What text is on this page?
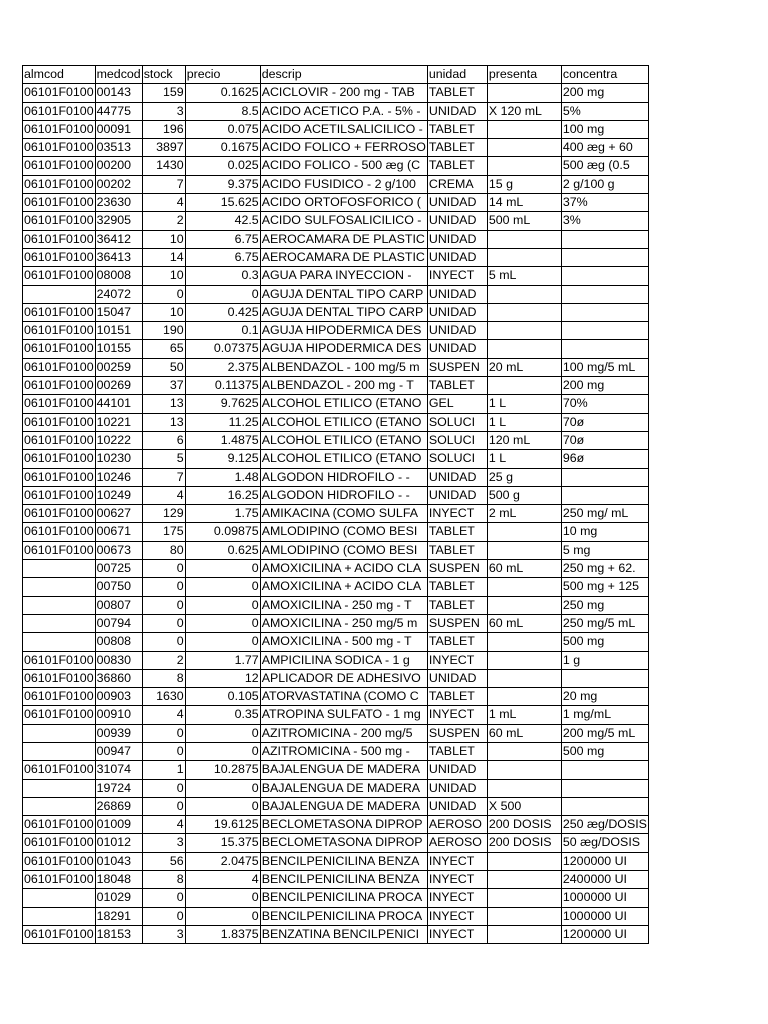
almcod	medcod	stock	precio	descrip	unidad	presenta	concentra
06101F0100	00143	159	0.1625	ACICLOVIR - 200 mg - TAB	TABLET		200 mg
06101F0100	44775	3	8.5	ACIDO ACETICO P.A. - 5% -	UNIDAD	X 120 mL	5%
06101F0100	00091	196	0.075	ACIDO ACETILSALICILICO -	TABLET		100 mg
06101F0100	03513	3897	0.1675	ACIDO FOLICO + FERROSO	TABLET		400 æg + 60
06101F0100	00200	1430	0.025	ACIDO FOLICO - 500 æg (C	TABLET		500 æg (0.5
06101F0100	00202	7	9.375	ACIDO FUSIDICO - 2 g/100	CREMA	15 g	2 g/100 g
06101F0100	23630	4	15.625	ACIDO ORTOFOSFORICO (	UNIDAD	14 mL	37%
06101F0100	32905	2	42.5	ACIDO SULFOSALICILICO -	UNIDAD	500 mL	3%
06101F0100	36412	10	6.75	AEROCAMARA DE PLASTIC	UNIDAD		
06101F0100	36413	14	6.75	AEROCAMARA DE PLASTIC	UNIDAD		
06101F0100	08008	10	0.3	AGUA PARA INYECCION -	INYECT	5 mL	
	24072	0	0	AGUJA DENTAL TIPO CARP	UNIDAD		
06101F0100	15047	10	0.425	AGUJA DENTAL TIPO CARP	UNIDAD		
06101F0100	10151	190	0.1	AGUJA HIPODERMICA DES	UNIDAD		
06101F0100	10155	65	0.07375	AGUJA HIPODERMICA DES	UNIDAD		
06101F0100	00259	50	2.375	ALBENDAZOL - 100 mg/5 m	SUSPEN	20 mL	100 mg/5 mL
06101F0100	00269	37	0.11375	ALBENDAZOL - 200 mg - T	TABLET		200 mg
06101F0100	44101	13	9.7625	ALCOHOL ETILICO (ETANO	GEL	1 L	70%
06101F0100	10221	13	11.25	ALCOHOL ETILICO (ETANO	SOLUCI	1 L	70ø
06101F0100	10222	6	1.4875	ALCOHOL ETILICO (ETANO	SOLUCI	120 mL	70ø
06101F0100	10230	5	9.125	ALCOHOL ETILICO (ETANO	SOLUCI	1 L	96ø
06101F0100	10246	7	1.48	ALGODON HIDROFILO - -	UNIDAD	25 g	
06101F0100	10249	4	16.25	ALGODON HIDROFILO - -	UNIDAD	500 g	
06101F0100	00627	129	1.75	AMIKACINA (COMO SULFA	INYECT	2 mL	250 mg/ mL
06101F0100	00671	175	0.09875	AMLODIPINO (COMO BESI	TABLET		10 mg
06101F0100	00673	80	0.625	AMLODIPINO (COMO BESI	TABLET		5 mg
	00725	0	0	AMOXICILINA + ACIDO CLA	SUSPEN	60 mL	250 mg + 62.
	00750	0	0	AMOXICILINA + ACIDO CLA	TABLET		500 mg + 125
	00807	0	0	AMOXICILINA - 250 mg - T	TABLET		250 mg
	00794	0	0	AMOXICILINA - 250 mg/5 m	SUSPEN	60 mL	250 mg/5 mL
	00808	0	0	AMOXICILINA - 500 mg - T	TABLET		500 mg
06101F0100	00830	2	1.77	AMPICILINA SODICA - 1 g	INYECT		1 g
06101F0100	36860	8	12	APLICADOR DE ADHESIVO	UNIDAD		
06101F0100	00903	1630	0.105	ATORVASTATINA (COMO C	TABLET		20 mg
06101F0100	00910	4	0.35	ATROPINA SULFATO - 1 mg	INYECT	1 mL	1 mg/mL
	00939	0	0	AZITROMICINA - 200 mg/5	SUSPEN	60 mL	200 mg/5 mL
	00947	0	0	AZITROMICINA - 500 mg -	TABLET		500 mg
06101F0100	31074	1	10.2875	BAJALENGUA DE MADERA	UNIDAD		
	19724	0	0	BAJALENGUA DE MADERA	UNIDAD		
	26869	0	0	BAJALENGUA DE MADERA	UNIDAD	X 500	
06101F0100	01009	4	19.6125	BECLOMETASONA DIPROP	AEROSO	200 DOSIS	250 æg/DOSIS
06101F0100	01012	3	15.375	BECLOMETASONA DIPROP	AEROSO	200 DOSIS	50 æg/DOSIS
06101F0100	01043	56	2.0475	BENCILPENICILINA BENZA	INYECT		1200000 UI
06101F0100	18048	8	4	BENCILPENICILINA BENZA	INYECT		2400000 UI
	01029	0	0	BENCILPENICILINA PROCA	INYECT		1000000 UI
	18291	0	0	BENCILPENICILINA PROCA	INYECT		1000000 UI
06101F0100	18153	3	1.8375	BENZATINA BENCILPENICI	INYECT		1200000 UI
